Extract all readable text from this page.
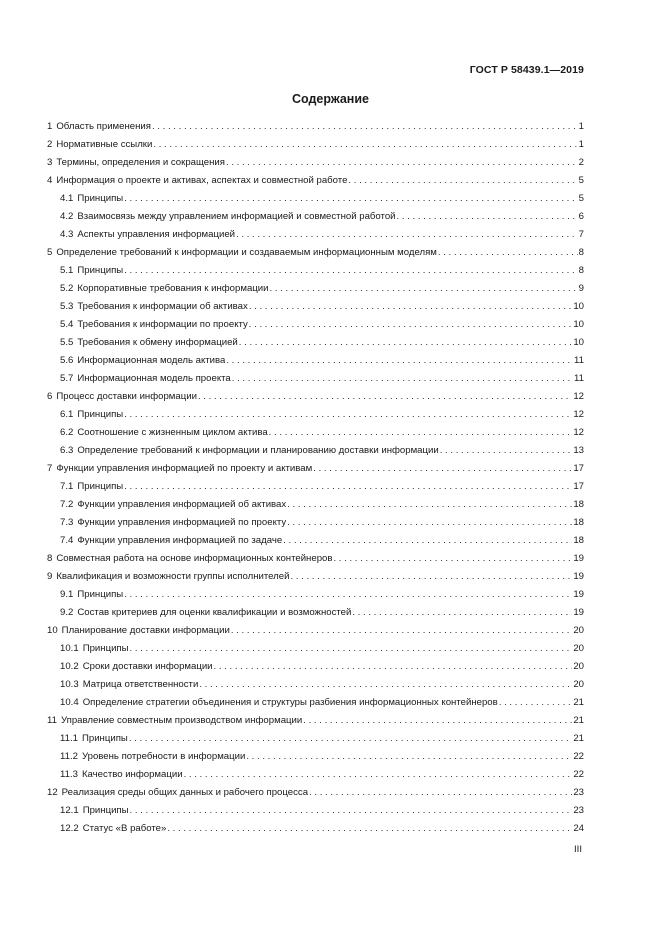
ГОСТ Р 58439.1—2019
Содержание
1 Область применения . . .	1
2 Нормативные ссылки . . .	1
3 Термины, определения и сокращения . . .	2
4 Информация о проекте и активах, аспектах и совместной работе . . .	5
4.1 Принципы . . .	5
4.2 Взаимосвязь между управлением информацией и совместной работой . . .	6
4.3 Аспекты управления информацией . . .	7
5 Определение требований к информации и создаваемым информационным моделям . . .	8
5.1 Принципы . . .	8
5.2 Корпоративные требования к информации . . .	9
5.3 Требования к информации об активах . . .	10
5.4 Требования к информации по проекту . . .	10
5.5 Требования к обмену информацией . . .	10
5.6 Информационная модель актива . . .	11
5.7 Информационная модель проекта . . .	11
6 Процесс доставки информации . . .	12
6.1 Принципы . . .	12
6.2 Соотношение с жизненным циклом актива . . .	12
6.3 Определение требований к информации и планированию доставки информации . . .	13
7 Функции управления информацией по проекту и активам . . .	17
7.1 Принципы . . .	17
7.2 Функции управления информацией об активах . . .	18
7.3 Функции управления информацией по проекту . . .	18
7.4 Функции управления информацией по задаче . . .	18
8 Совместная работа на основе информационных контейнеров . . .	19
9 Квалификация и возможности группы исполнителей . . .	19
9.1 Принципы . . .	19
9.2 Состав критериев для оценки квалификации и возможностей . . .	19
10 Планирование доставки информации . . .	20
10.1 Принципы . . .	20
10.2 Сроки доставки информации . . .	20
10.3 Матрица ответственности . . .	20
10.4 Определение стратегии объединения и структуры разбиения информационных контейнеров . . .	21
11 Управление совместным производством информации . . .	21
11.1 Принципы . . .	21
11.2 Уровень потребности в информации . . .	22
11.3 Качество информации . . .	22
12 Реализация среды общих данных и рабочего процесса . . .	23
12.1 Принципы . . .	23
12.2 Статус «В работе» . . .	24
III
